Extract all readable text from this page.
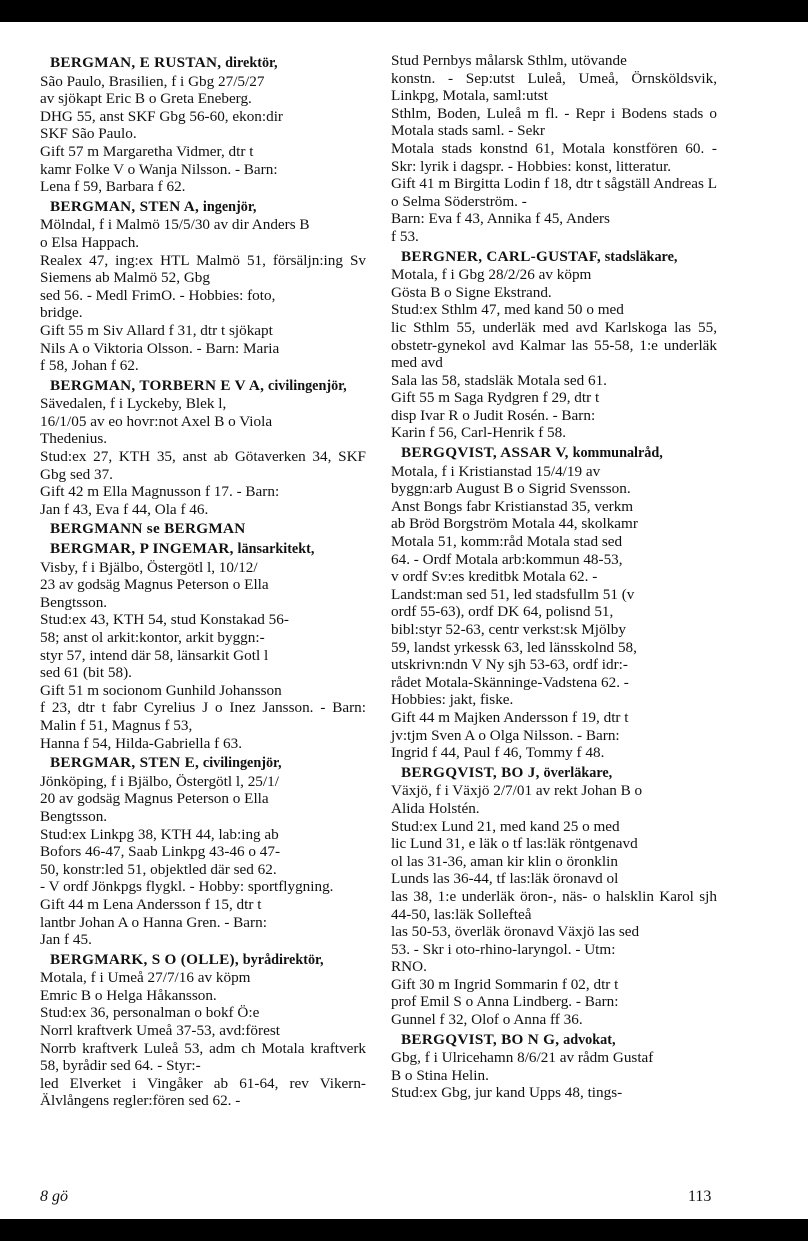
BERGMAN, E RUSTAN, direktör,

São Paulo, Brasilien, f i Gbg 27/5/27

av sjökapt Eric B o Greta Eneberg.

DHG 55, anst SKF Gbg 56-60, ekon:dir

SKF São Paulo.

Gift 57 m Margaretha Vidmer, dtr t

kamr Folke V o Wanja Nilsson. - Barn:

Lena f 59, Barbara f 62.

BERGMAN, STEN A, ingenjör,

Mölndal, f i Malmö 15/5/30 av dir Anders B

o Elsa Happach.

Realex 47, ing:ex HTL Malmö 51, försäljn:ing Sv Siemens ab Malmö 52, Gbg

sed 56. - Medl FrimO. - Hobbies: foto,

bridge.

Gift 55 m Siv Allard f 31, dtr t sjökapt

Nils A o Viktoria Olsson. - Barn: Maria

f 58, Johan f 62.

BERGMAN, TORBERN E V A, civilingenjör,

Sävedalen, f i Lyckeby, Blek l,

16/1/05 av eo hovr:not Axel B o Viola

Thedenius.

Stud:ex 27, KTH 35, anst ab Götaverken 34, SKF Gbg sed 37.

Gift 42 m Ella Magnusson f 17. - Barn:

Jan f 43, Eva f 44, Ola f 46.

BERGMANN se BERGMAN

BERGMAR, P INGEMAR, länsarkitekt,

Visby, f i Bjälbo, Östergötl l, 10/12/

23 av godsäg Magnus Peterson o Ella

Bengtsson.

Stud:ex 43, KTH 54, stud Konstakad 56-

58; anst ol arkit:kontor, arkit byggn:-

styr 57, intend där 58, länsarkit Gotl l

sed 61 (bit 58).

Gift 51 m socionom Gunhild Johansson

f 23, dtr t fabr Cyrelius J o Inez Jansson. - Barn: Malin f 51, Magnus f 53,

Hanna f 54, Hilda-Gabriella f 63.

BERGMAR, STEN E, civilingenjör,

Jönköping, f i Bjälbo, Östergötl l, 25/1/

20 av godsäg Magnus Peterson o Ella

Bengtsson.

Stud:ex Linkpg 38, KTH 44, lab:ing ab

Bofors 46-47, Saab Linkpg 43-46 o 47-

50, konstr:led 51, objektled där sed 62.

- V ordf Jönkpgs flygkl. - Hobby: sportflygning.

Gift 44 m Lena Andersson f 15, dtr t

lantbr Johan A o Hanna Gren. - Barn:

Jan f 45.

BERGMARK, S O (OLLE), byrådirektör,

Motala, f i Umeå 27/7/16 av köpm

Emric B o Helga Håkansson.

Stud:ex 36, personalman o bokf Ö:e

Norrl kraftverk Umeå 37-53, avd:förest

Norrb kraftverk Luleå 53, adm ch Motala kraftverk 58, byrådir sed 64. - Styr:-

led Elverket i Vingåker ab 61-64, rev Vikern-Älvlångens regler:fören sed 62. -

Stud Pernbys målarsk Sthlm, utövande

konstn. - Sep:utst Luleå, Umeå, Örnsköldsvik, Linkpg, Motala, saml:utst

Sthlm, Boden, Luleå m fl. - Repr i Bodens stads o Motala stads saml. - Sekr

Motala stads konstnd 61, Motala konstfören 60. - Skr: lyrik i dagspr. - Hobbies: konst, litteratur.

Gift 41 m Birgitta Lodin f 18, dtr t sågställ Andreas L o Selma Söderström. -

Barn: Eva f 43, Annika f 45, Anders

f 53.

BERGNER, CARL-GUSTAF, stadsläkare,

Motala, f i Gbg 28/2/26 av köpm

Gösta B o Signe Ekstrand.

Stud:ex Sthlm 47, med kand 50 o med

lic Sthlm 55, underläk med avd Karlskoga las 55, obstetr-gynekol avd Kalmar las 55-58, 1:e underläk med avd

Sala las 58, stadsläk Motala sed 61.

Gift 55 m Saga Rydgren f 29, dtr t

disp Ivar R o Judit Rosén. - Barn:

Karin f 56, Carl-Henrik f 58.

BERGQVIST, ASSAR V, kommunalråd,

Motala, f i Kristianstad 15/4/19 av

byggn:arb August B o Sigrid Svensson.

Anst Bongs fabr Kristianstad 35, verkm

ab Bröd Borgström Motala 44, skolkamr

Motala 51, komm:råd Motala stad sed

64. - Ordf Motala arb:kommun 48-53,

v ordf Sv:es kreditbk Motala 62. -

Landst:man sed 51, led stadsfullm 51 (v

ordf 55-63), ordf DK 64, polisnd 51,

bibl:styr 52-63, centr verkst:sk Mjölby

59, landst yrkessk 63, led länsskolnd 58,

utskrivn:ndn V Ny sjh 53-63, ordf idr:-

rådet Motala-Skänninge-Vadstena 62. -

Hobbies: jakt, fiske.

Gift 44 m Majken Andersson f 19, dtr t

jv:tjm Sven A o Olga Nilsson. - Barn:

Ingrid f 44, Paul f 46, Tommy f 48.

BERGQVIST, BO J, överläkare,

Växjö, f i Växjö 2/7/01 av rekt Johan B o

Alida Holstén.

Stud:ex Lund 21, med kand 25 o med

lic Lund 31, e läk o tf las:läk röntgenavd

ol las 31-36, aman kir klin o öronklin

Lunds las 36-44, tf las:läk öronavd ol

las 38, 1:e underläk öron-, näs- o halsklin Karol sjh 44-50, las:läk Sollefteå

las 50-53, överläk öronavd Växjö las sed

53. - Skr i oto-rhino-laryngol. - Utm:

RNO.

Gift 30 m Ingrid Sommarin f 02, dtr t

prof Emil S o Anna Lindberg. - Barn:

Gunnel f 32, Olof o Anna ff 36.

BERGQVIST, BO N G, advokat,

Gbg, f i Ulricehamn 8/6/21 av rådm Gustaf

B o Stina Helin.

Stud:ex Gbg, jur kand Upps 48, tings-

8 gö	113
